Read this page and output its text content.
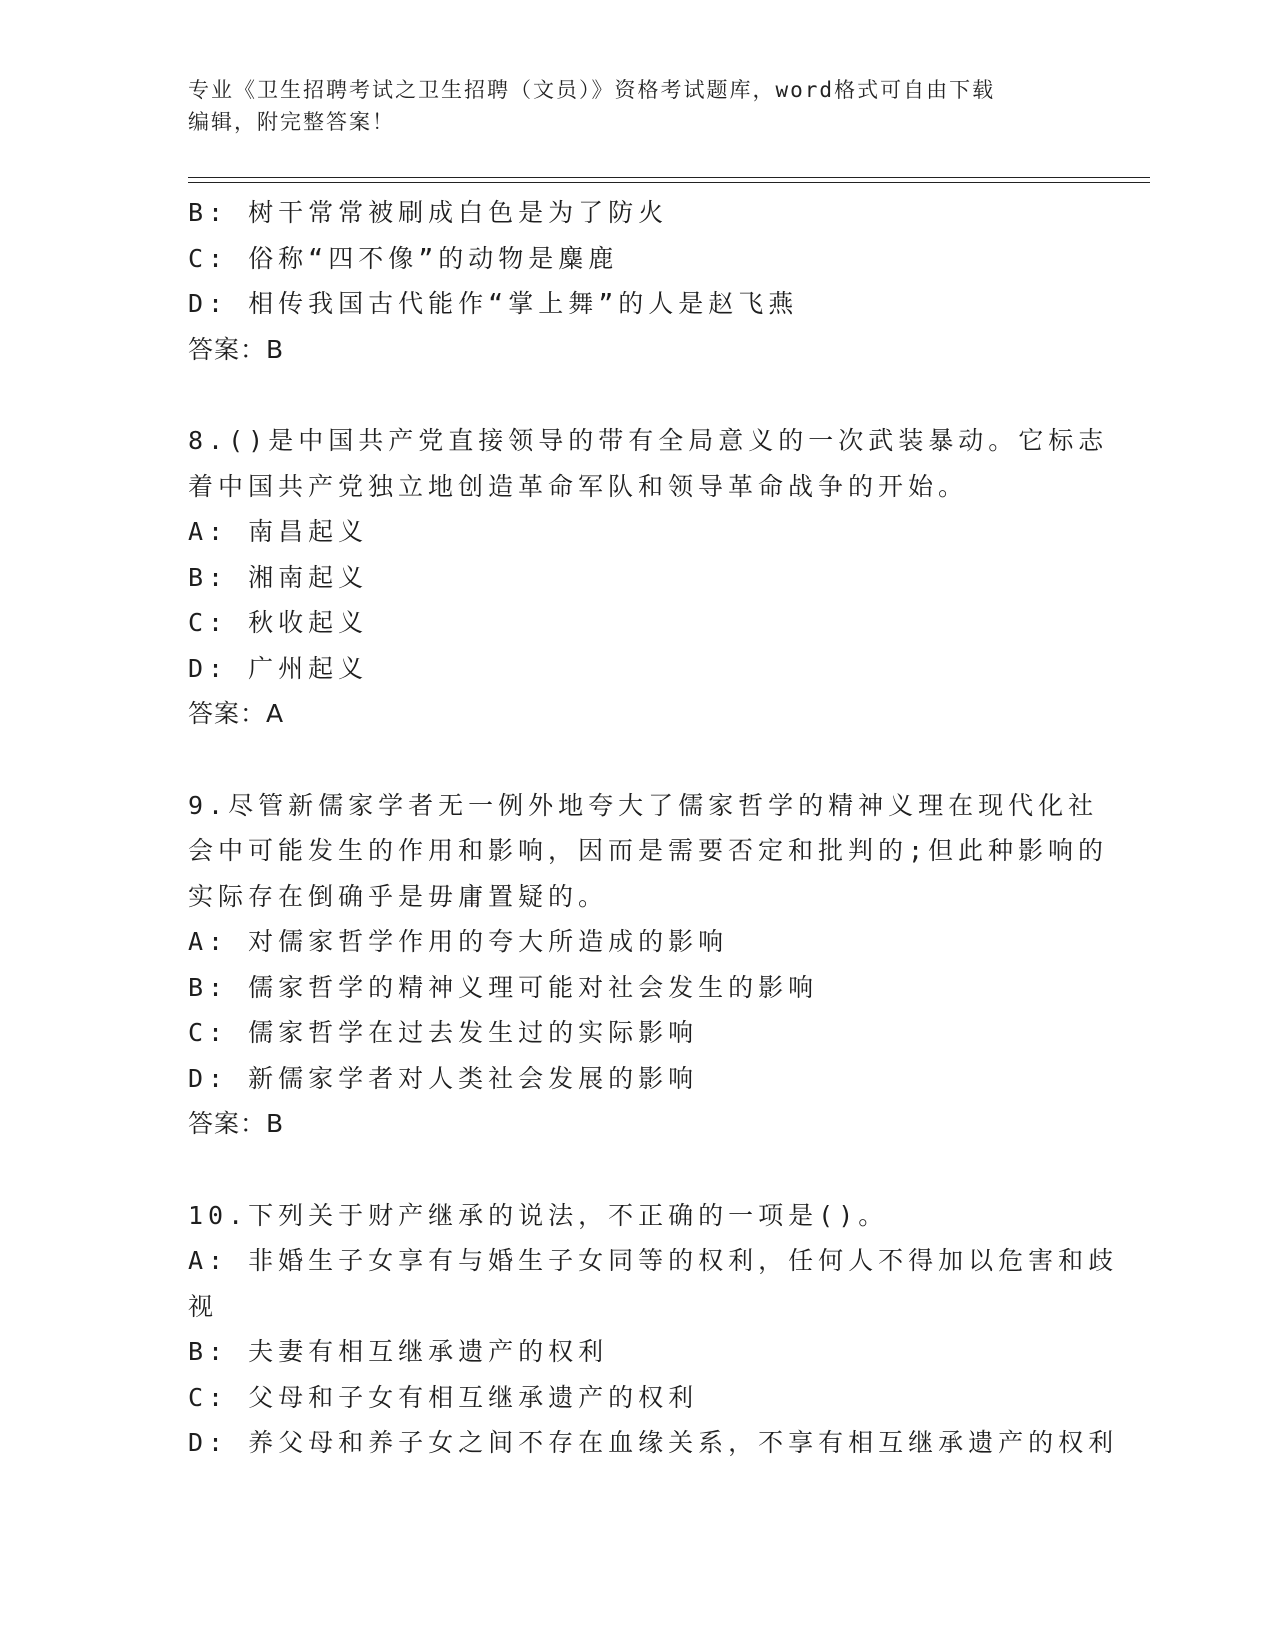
专业《卫生招聘考试之卫生招聘（文员）》资格考试题库，word格式可自由下载
编辑，附完整答案！
B: 树干常常被刷成白色是为了防火
C: 俗称“四不像”的动物是麋鹿
D: 相传我国古代能作“掌上舞”的人是赵飞燕
答案：B
8.()是中国共产党直接领导的带有全局意义的一次武装暴动。它标志
着中国共产党独立地创造革命军队和领导革命战争的开始。
A: 南昌起义
B: 湘南起义
C: 秋收起义
D: 广州起义
答案：A
9.尽管新儒家学者无一例外地夸大了儒家哲学的精神义理在现代化社
会中可能发生的作用和影响，因而是需要否定和批判的;但此种影响的
实际存在倒确乎是毋庸置疑的。
A: 对儒家哲学作用的夸大所造成的影响
B: 儒家哲学的精神义理可能对社会发生的影响
C: 儒家哲学在过去发生过的实际影响
D: 新儒家学者对人类社会发展的影响
答案：B
10.下列关于财产继承的说法，不正确的一项是()。
A: 非婚生子女享有与婚生子女同等的权利，任何人不得加以危害和歧
视
B: 夫妻有相互继承遗产的权利
C: 父母和子女有相互继承遗产的权利
D: 养父母和养子女之间不存在血缘关系，不享有相互继承遗产的权利
